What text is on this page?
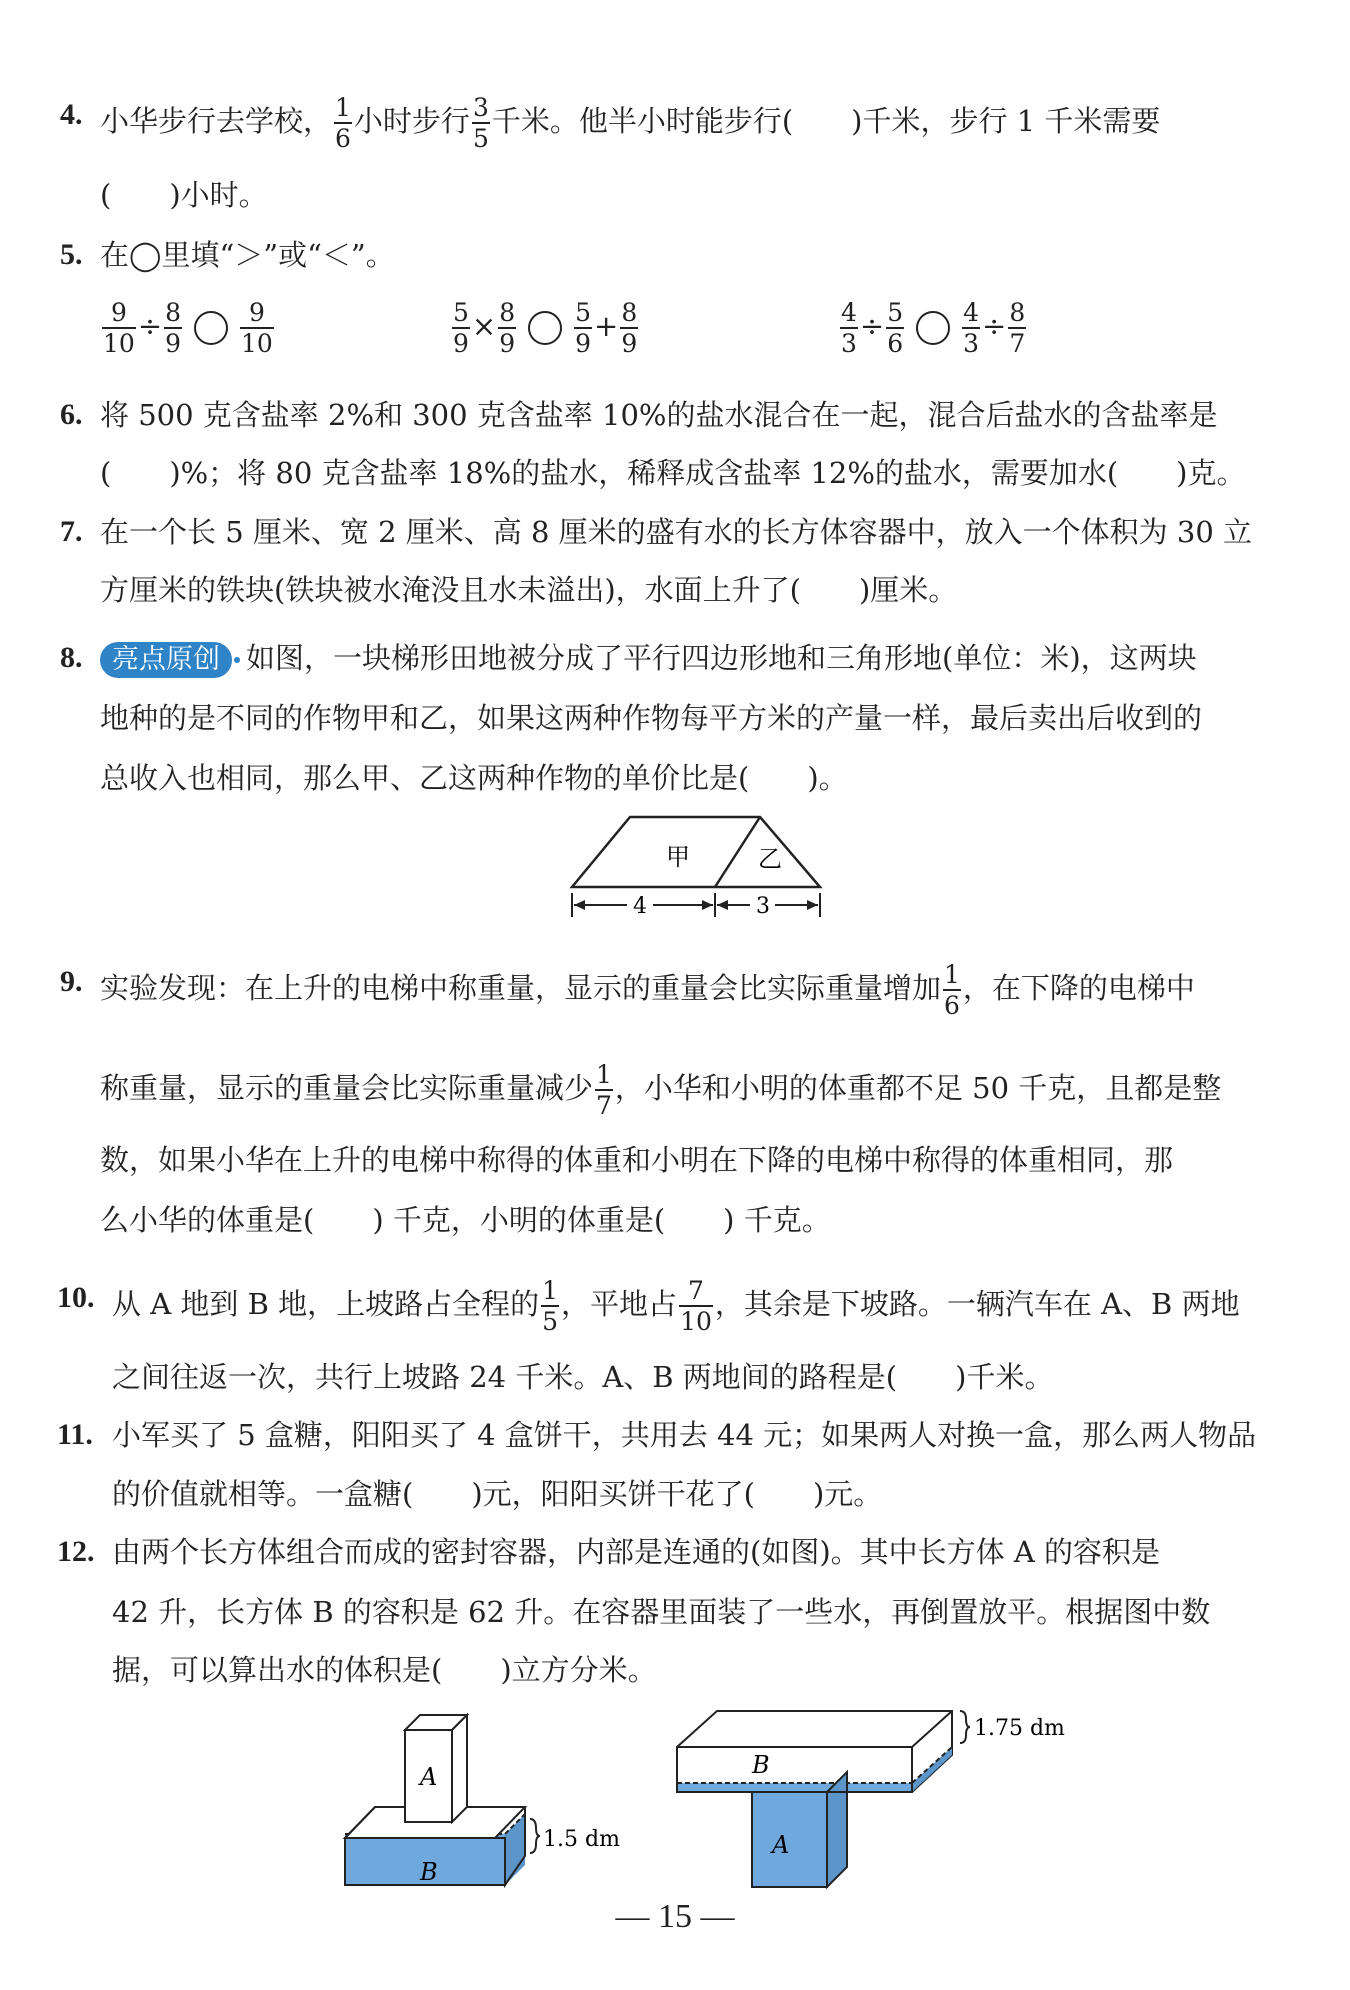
4. 小华步行去学校， $\frac{1}{6}$ 小时步行 $\frac{3}{5}$ 千米。他半小时能步行(　　)千米，步行 1 千米需要
(　　)小时。
5. 在◯里填“＞”或“＜”。
$\frac{9}{10} \div \frac{8}{9} \frac{9}{10}$	$\frac{5}{9} \times \frac{8}{9} \frac{5}{9} + \frac{8}{9}$	$\frac{4}{3} \div \frac{5}{6} \frac{4}{3} \div \frac{8}{7}$
6. 将 500 克含盐率 2%和 300 克含盐率 10%的盐水混合在一起，混合后盐水的含盐率是
(　　)%；将 80 克含盐率 18%的盐水，稀释成含盐率 12%的盐水，需要加水(　　)克。
7. 在一个长 5 厘米、宽 2 厘米、高 8 厘米的盛有水的长方体容器中，放入一个体积为 30 立
方厘米的铁块(铁块被水淹没且水未溢出)，水面上升了(　　)厘米。
8.	亮点原创 如图，一块梯形田地被分成了平行四边形地和三角形地(单位：米)，这两块
地种的是不同的作物甲和乙，如果这两种作物每平方米的产量一样，最后卖出后收到的
总收入也相同，那么甲、乙这两种作物的单价比是(　　)。
甲	乙
4	3
9. 实验发现：在上升的电梯中称重量，显示的重量会比实际重量增加 $\frac{1}{6}$ ，在下降的电梯中
称重量，显示的重量会比实际重量减少 $\frac{1}{7}$ ，小华和小明的体重都不足 50 千克，且都是整
数，如果小华在上升的电梯中称得的体重和小明在下降的电梯中称得的体重相同，那
么小华的体重是(　　) 千克，小明的体重是(　　) 千克。
10. 从 A 地到 B 地，上坡路占全程的 $\frac{1}{5}$ ，平地占 $\frac{7}{10}$ ，其余是下坡路。一辆汽车在 A、B 两地
之间往返一次，共行上坡路 24 千米。A、B 两地间的路程是(　　)千米。
11. 小军买了 5 盒糖，阳阳买了 4 盒饼干，共用去 44 元；如果两人对换一盒，那么两人物品
的价值就相等。一盒糖(　　)元，阳阳买饼干花了(　　)元。
12. 由两个长方体组合而成的密封容器，内部是连通的(如图)。其中长方体 A 的容积是
42 升，长方体 B 的容积是 62 升。在容器里面装了一些水，再倒置放平。根据图中数
据，可以算出水的体积是(　　)立方分米。
A
B
1.5 dm
B
A
1.75 dm
— 15 —
